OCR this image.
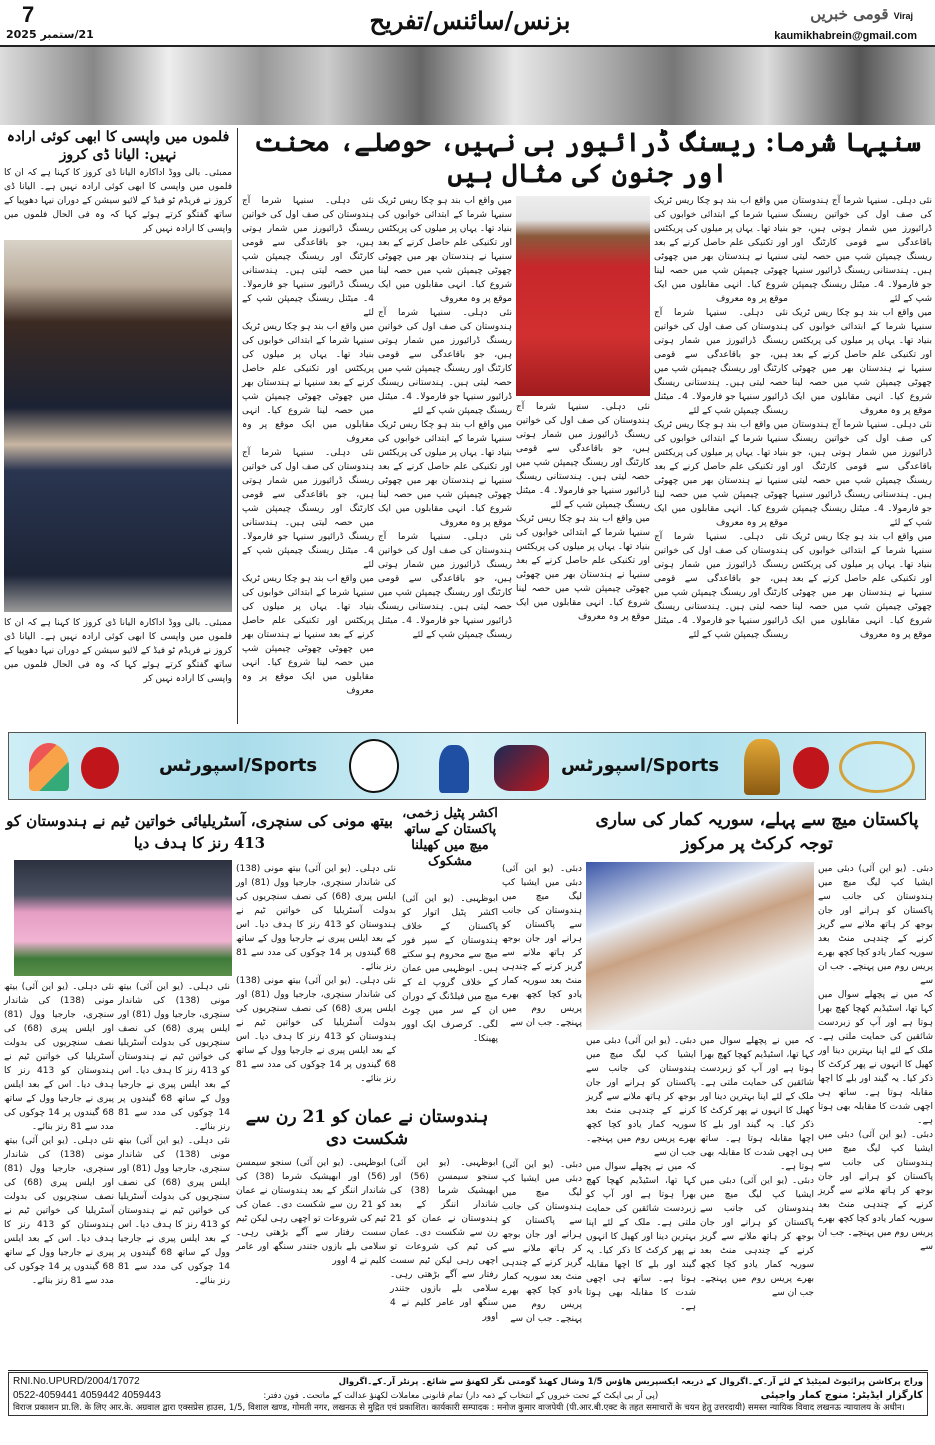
7
21/ستمبر 2025	بزنس/سائنس/تفریح	قومی خبریں Viraj
kaumikhabrein@gmail.com
فلموں میں واپسی کا ابھی کوئی ارادہ نہیں: الیانا ڈی کروز

ممبئی۔ بالی ووڈ اداکارہ الیانا ڈی کروز کا کہنا ہے کہ ان کا فلموں میں واپسی کا ابھی کوئی ارادہ نہیں ہے۔ الیانا ڈی کروز نے فریڈم ٹو فیڈ کے لائیو سیشن کے دوران نیہا دھوپیا کے ساتھ گفتگو کرتے ہوئے کہا کہ وہ فی الحال فلموں میں واپسی کا ارادہ نہیں کر

ممبئی۔ بالی ووڈ اداکارہ الیانا ڈی کروز کا کہنا ہے کہ ان کا فلموں میں واپسی کا ابھی کوئی ارادہ نہیں ہے۔ الیانا ڈی کروز نے فریڈم ٹو فیڈ کے لائیو سیشن کے دوران نیہا دھوپیا کے ساتھ گفتگو کرتے ہوئے کہا کہ وہ فی الحال فلموں میں واپسی کا ارادہ نہیں کر

سنیہا شرما: ریسنگ ڈرائیور ہی نہیں، حوصلے، محنت اور جنون کی مثال ہیں

نئی دہلی۔ سنیہا شرما آج ہندوستان کی صف اول کی خواتین ریسنگ ڈرائیورز میں شمار ہوتی ہیں، جو باقاعدگی سے قومی کارٹنگ اور ریسنگ چیمپئن شپ میں حصہ لیتی ہیں۔ ہندستانی ریسنگ ڈرائیور سنیہا جو فارمولا۔ 4۔ میٹنل ریسنگ چیمپئن شپ کے لئے

میں واقع اب بند ہو چکا ریس ٹریک سنیہا شرما کے ابتدائی خوابوں کی بنیاد تھا۔ یہاں پر میلوں کی پریکٹس اور تکنیکی علم حاصل کرنے کے بعد سنیہا نے ہندستان بھر میں چھوٹی چھوٹی چیمپئن شپ میں حصہ لینا شروع کیا۔ انہی مقابلوں میں ایک موقع پر وہ معروف

نئی دہلی۔ سنیہا شرما آج ہندوستان کی صف اول کی خواتین ریسنگ ڈرائیورز میں شمار ہوتی ہیں، جو باقاعدگی سے قومی کارٹنگ اور ریسنگ چیمپئن شپ میں حصہ لیتی ہیں۔ ہندستانی ریسنگ ڈرائیور سنیہا جو فارمولا۔ 4۔ میٹنل ریسنگ چیمپئن شپ کے لئے

میں واقع اب بند ہو چکا ریس ٹریک سنیہا شرما کے ابتدائی خوابوں کی بنیاد تھا۔ یہاں پر میلوں کی پریکٹس اور تکنیکی علم حاصل کرنے کے بعد سنیہا نے ہندستان بھر میں چھوٹی چھوٹی چیمپئن شپ میں حصہ لینا شروع کیا۔ انہی مقابلوں میں ایک موقع پر وہ معروف

میں واقع اب بند ہو چکا ریس ٹریک سنیہا شرما کے ابتدائی خوابوں کی بنیاد تھا۔ یہاں پر میلوں کی پریکٹس اور تکنیکی علم حاصل کرنے کے بعد سنیہا نے ہندستان بھر میں چھوٹی چھوٹی چیمپئن شپ میں حصہ لینا شروع کیا۔ انہی مقابلوں میں ایک موقع پر وہ معروف

نئی دہلی۔ سنیہا شرما آج ہندوستان کی صف اول کی خواتین ریسنگ ڈرائیورز میں شمار ہوتی ہیں، جو باقاعدگی سے قومی کارٹنگ اور ریسنگ چیمپئن شپ میں حصہ لیتی ہیں۔ ہندستانی ریسنگ ڈرائیور سنیہا جو فارمولا۔ 4۔ میٹنل ریسنگ چیمپئن شپ کے لئے

میں واقع اب بند ہو چکا ریس ٹریک سنیہا شرما کے ابتدائی خوابوں کی بنیاد تھا۔ یہاں پر میلوں کی پریکٹس اور تکنیکی علم حاصل کرنے کے بعد سنیہا نے ہندستان بھر میں چھوٹی چھوٹی چیمپئن شپ میں حصہ لینا شروع کیا۔ انہی مقابلوں میں ایک موقع پر وہ معروف

نئی دہلی۔ سنیہا شرما آج ہندوستان کی صف اول کی خواتین ریسنگ ڈرائیورز میں شمار ہوتی ہیں، جو باقاعدگی سے قومی کارٹنگ اور ریسنگ چیمپئن شپ میں حصہ لیتی ہیں۔ ہندستانی ریسنگ ڈرائیور سنیہا جو فارمولا۔ 4۔ میٹنل ریسنگ چیمپئن شپ کے لئے

نئی دہلی۔ سنیہا شرما آج ہندوستان کی صف اول کی خواتین ریسنگ ڈرائیورز میں شمار ہوتی ہیں، جو باقاعدگی سے قومی کارٹنگ اور ریسنگ چیمپئن شپ میں حصہ لیتی ہیں۔ ہندستانی ریسنگ ڈرائیور سنیہا جو فارمولا۔ 4۔ میٹنل ریسنگ چیمپئن شپ کے لئے

میں واقع اب بند ہو چکا ریس ٹریک سنیہا شرما کے ابتدائی خوابوں کی بنیاد تھا۔ یہاں پر میلوں کی پریکٹس اور تکنیکی علم حاصل کرنے کے بعد سنیہا نے ہندستان بھر میں چھوٹی چھوٹی چیمپئن شپ میں حصہ لینا شروع کیا۔ انہی مقابلوں میں ایک موقع پر وہ معروف

میں واقع اب بند ہو چکا ریس ٹریک سنیہا شرما کے ابتدائی خوابوں کی بنیاد تھا۔ یہاں پر میلوں کی پریکٹس اور تکنیکی علم حاصل کرنے کے بعد سنیہا نے ہندستان بھر میں چھوٹی چھوٹی چیمپئن شپ میں حصہ لینا شروع کیا۔ انہی مقابلوں میں ایک موقع پر وہ معروف

نئی دہلی۔ سنیہا شرما آج ہندوستان کی صف اول کی خواتین ریسنگ ڈرائیورز میں شمار ہوتی ہیں، جو باقاعدگی سے قومی کارٹنگ اور ریسنگ چیمپئن شپ میں حصہ لیتی ہیں۔ ہندستانی ریسنگ ڈرائیور سنیہا جو فارمولا۔ 4۔ میٹنل ریسنگ چیمپئن شپ کے لئے

میں واقع اب بند ہو چکا ریس ٹریک سنیہا شرما کے ابتدائی خوابوں کی بنیاد تھا۔ یہاں پر میلوں کی پریکٹس اور تکنیکی علم حاصل کرنے کے بعد سنیہا نے ہندستان بھر میں چھوٹی چھوٹی چیمپئن شپ میں حصہ لینا شروع کیا۔ انہی مقابلوں میں ایک موقع پر وہ معروف

نئی دہلی۔ سنیہا شرما آج ہندوستان کی صف اول کی خواتین ریسنگ ڈرائیورز میں شمار ہوتی ہیں، جو باقاعدگی سے قومی کارٹنگ اور ریسنگ چیمپئن شپ میں حصہ لیتی ہیں۔ ہندستانی ریسنگ ڈرائیور سنیہا جو فارمولا۔ 4۔ میٹنل ریسنگ چیمپئن شپ کے لئے

نئی دہلی۔ سنیہا شرما آج ہندوستان کی صف اول کی خواتین ریسنگ ڈرائیورز میں شمار ہوتی ہیں، جو باقاعدگی سے قومی کارٹنگ اور ریسنگ چیمپئن شپ میں حصہ لیتی ہیں۔ ہندستانی ریسنگ ڈرائیور سنیہا جو فارمولا۔ 4۔ میٹنل ریسنگ چیمپئن شپ کے لئے

میں واقع اب بند ہو چکا ریس ٹریک سنیہا شرما کے ابتدائی خوابوں کی بنیاد تھا۔ یہاں پر میلوں کی پریکٹس اور تکنیکی علم حاصل کرنے کے بعد سنیہا نے ہندستان بھر میں چھوٹی چھوٹی چیمپئن شپ میں حصہ لینا شروع کیا۔ انہی مقابلوں میں ایک موقع پر وہ معروف

نئی دہلی۔ سنیہا شرما آج ہندوستان کی صف اول کی خواتین ریسنگ ڈرائیورز میں شمار ہوتی ہیں، جو باقاعدگی سے قومی کارٹنگ اور ریسنگ چیمپئن شپ میں حصہ لیتی ہیں۔ ہندستانی ریسنگ ڈرائیور سنیہا جو فارمولا۔ 4۔ میٹنل ریسنگ چیمپئن شپ کے لئے

میں واقع اب بند ہو چکا ریس ٹریک سنیہا شرما کے ابتدائی خوابوں کی بنیاد تھا۔ یہاں پر میلوں کی پریکٹس اور تکنیکی علم حاصل کرنے کے بعد سنیہا نے ہندستان بھر میں چھوٹی چھوٹی چیمپئن شپ میں حصہ لینا شروع کیا۔ انہی مقابلوں میں ایک موقع پر وہ معروف

اسپورٹس/Sports	اسپورٹس/Sports
پاکستان میچ سے پہلے، سوریہ کمار کی ساری توجہ کرکٹ پر مرکوز

دبئی۔ (یو این آئی) دبئی میں ایشیا کپ لیگ میچ میں ہندوستان کی جانب سے پاکستان کو ہرانے اور جان بوجھ کر ہاتھ ملانے سے گریز کرنے کے چندہی منٹ بعد سوریہ کمار یادو کچا کچھ بھرے پریس روم میں پہنچے۔ جب ان سے

کہ میں نے پچھلے سوال میں کہا تھا، اسٹیڈیم کھچا کھچ بھرا ہوتا ہے اور آپ کو زبردست شائقین کی حمایت ملتی ہے۔ ملک کے لئے اپنا بہترین دینا اور کھیل کا انہوں نے پھر کرکٹ کا ذکر کیا۔ یہ گیند اور بلے کا اچھا مقابلہ ہوتا ہے۔ ساتھ ہی اچھی شدت کا مقابلہ بھی ہوتا ہے۔

دبئی۔ (یو این آئی) دبئی میں ایشیا کپ لیگ میچ میں ہندوستان کی جانب سے پاکستان کو ہرانے اور جان بوجھ کر ہاتھ ملانے سے گریز کرنے کے چندہی منٹ بعد سوریہ کمار یادو کچا کچھ بھرے پریس روم میں پہنچے۔ جب ان سے

کہ میں نے پچھلے سوال میں کہا تھا، اسٹیڈیم کھچا کھچ بھرا ہوتا ہے اور آپ کو زبردست شائقین کی حمایت ملتی ہے۔ ملک کے لئے اپنا بہترین دینا اور کھیل کا انہوں نے پھر کرکٹ کا ذکر کیا۔ یہ گیند اور بلے کا اچھا مقابلہ ہوتا ہے۔ ساتھ ہی اچھی شدت کا مقابلہ بھی ہوتا ہے۔

دبئی۔ (یو این آئی) دبئی میں ایشیا کپ لیگ میچ میں ہندوستان کی جانب سے پاکستان کو ہرانے اور جان بوجھ کر ہاتھ ملانے سے گریز کرنے کے چندہی منٹ بعد سوریہ کمار یادو کچا کچھ بھرے پریس روم میں پہنچے۔ جب ان سے

دبئی۔ (یو این آئی) دبئی میں ایشیا کپ لیگ میچ میں ہندوستان کی جانب سے پاکستان کو ہرانے اور جان بوجھ کر ہاتھ ملانے سے گریز کرنے کے چندہی منٹ بعد سوریہ کمار یادو کچا کچھ بھرے پریس روم میں پہنچے۔ جب ان سے

کہ میں نے پچھلے سوال میں کہا تھا، اسٹیڈیم کھچا کھچ بھرا ہوتا ہے اور آپ کو زبردست شائقین کی حمایت ملتی ہے۔ ملک کے لئے اپنا بہترین دینا اور کھیل کا انہوں نے پھر کرکٹ کا ذکر کیا۔ یہ گیند اور بلے کا اچھا مقابلہ ہوتا ہے۔ ساتھ ہی اچھی شدت کا مقابلہ بھی ہوتا ہے۔

دبئی۔ (یو این آئی) دبئی میں ایشیا کپ لیگ میچ میں ہندوستان کی جانب سے پاکستان کو ہرانے اور جان بوجھ کر ہاتھ ملانے سے گریز کرنے کے چندہی منٹ بعد سوریہ کمار یادو کچا کچھ بھرے پریس روم میں پہنچے۔ جب ان سے

دبئی۔ (یو این آئی) دبئی میں ایشیا کپ لیگ میچ میں ہندوستان کی جانب سے پاکستان کو ہرانے اور جان بوجھ کر ہاتھ ملانے سے گریز کرنے کے چندہی منٹ بعد سوریہ کمار یادو کچا کچھ بھرے پریس روم میں پہنچے۔ جب ان سے

اکشر پٹیل زخمی، پاکستان کے ساتھ میچ میں کھیلنا مشکوک

ابوظہبی۔ (یو این آئی) اکشر پٹیل اتوار کو پاکستان کے خلاف ہندوستان کے سپر فور میچ سے محروم ہو سکتے ہیں۔ ابوظہبی میں عمان کے خلاف گروپ اے کے میچ میں فیلڈنگ کے دوران ان کے سر میں چوٹ لگی۔ کرصرف ایک اوور پھینکا۔

بیتھ مونی کی سنچری، آسٹریلیائی خواتین ٹیم نے ہندوستان کو 413 رنز کا ہدف دیا

نئی دہلی۔ (یو این آئی) بیتھ مونی (138) کی شاندار سنچری، جارجیا وول (81) اور ایلس پیری (68) کی نصف سنچریوں کی بدولت آسٹریلیا کی خواتین ٹیم نے ہندوستان کو 413 رنز کا ہدف دیا۔ اس کے بعد ایلس پیری نے جارجیا وول کے ساتھ 68 گیندوں پر 14 چوکوں کی مدد سے 81 رنز بنائے۔

نئی دہلی۔ (یو این آئی) بیتھ مونی (138) کی شاندار سنچری، جارجیا وول (81) اور ایلس پیری (68) کی نصف سنچریوں کی بدولت آسٹریلیا کی خواتین ٹیم نے ہندوستان کو 413 رنز کا ہدف دیا۔ اس کے بعد ایلس پیری نے جارجیا وول کے ساتھ 68 گیندوں پر 14 چوکوں کی مدد سے 81 رنز بنائے۔

نئی دہلی۔ (یو این آئی) بیتھ مونی (138) کی شاندار سنچری، جارجیا وول (81) اور ایلس پیری (68) کی نصف سنچریوں کی بدولت آسٹریلیا کی خواتین ٹیم نے ہندوستان کو 413 رنز کا ہدف دیا۔ اس کے بعد ایلس پیری نے جارجیا وول کے ساتھ 68 گیندوں پر 14 چوکوں کی مدد سے 81 رنز بنائے۔

نئی دہلی۔ (یو این آئی) بیتھ مونی (138) کی شاندار سنچری، جارجیا وول (81) اور ایلس پیری (68) کی نصف سنچریوں کی بدولت آسٹریلیا کی خواتین ٹیم نے ہندوستان کو 413 رنز کا ہدف دیا۔ اس کے بعد ایلس پیری نے جارجیا وول کے ساتھ 68 گیندوں پر 14 چوکوں کی مدد سے 81 رنز بنائے۔

نئی دہلی۔ (یو این آئی) بیتھ مونی (138) کی شاندار سنچری، جارجیا وول (81) اور ایلس پیری (68) کی نصف سنچریوں کی بدولت آسٹریلیا کی خواتین ٹیم نے ہندوستان کو 413 رنز کا ہدف دیا۔ اس کے بعد ایلس پیری نے جارجیا وول کے ساتھ 68 گیندوں پر 14 چوکوں کی مدد سے 81 رنز بنائے۔

نئی دہلی۔ (یو این آئی) بیتھ مونی (138) کی شاندار سنچری، جارجیا وول (81) اور ایلس پیری (68) کی نصف سنچریوں کی بدولت آسٹریلیا کی خواتین ٹیم نے ہندوستان کو 413 رنز کا ہدف دیا۔ اس کے بعد ایلس پیری نے جارجیا وول کے ساتھ 68 گیندوں پر 14 چوکوں کی مدد سے 81 رنز بنائے۔

ہندوستان نے عمان کو 21 رن سے شکست دی

ابوظہبی۔ (یو این آئی) سنجو سیمسن (56) اور ابھیشیک شرما (38) کی شاندار اننگز کے بعد ہندوستان نے عمان کو 21 رن سے شکست دی۔ عمان کی ٹیم کی شروعات تو اچھی رہی لیکن ٹیم سست رفتار سے آگے بڑھتی رہی۔ سلامی بلے بازوں جتندر سنگھ اور عامر کلیم نے 4 اوور

ابوظہبی۔ (یو این آئی) سنجو سیمسن (56) اور ابھیشیک شرما (38) کی شاندار اننگز کے بعد ہندوستان نے عمان کو 21 رن سے شکست دی۔ عمان کی ٹیم کی شروعات تو اچھی رہی لیکن ٹیم سست رفتار سے آگے بڑھتی رہی۔ سلامی بلے بازوں جتندر سنگھ اور عامر کلیم نے 4 اوور

RNI.No.UPURD/2004/17072	وراج پرکاشن پرائیوٹ لمیٹیڈ کے لئے آر۔کے۔اگروال کے ذریعہ ایکسپریس ھاؤس 1/5 وشال کھنڈ گومتی نگر لکھنؤ سے شائع۔ پرنٹر آر۔کے۔اگروال
0522-4059441 4059442 4059443	(پی آر بی ایکٹ کے تحت خبروں کے انتخاب کے ذمہ دار) تمام قانونی معاملات لکھنؤ عدالت کے ماتحت۔ فون دفتر:	کارگزار ایڈیٹر: منوج کمار واجپئی
विराज प्रकाशन प्रा.लि. के लिए आर.के. अग्रवाल द्वारा एक्सप्रेस हाउस, 1/5, विशाल खण्ड, गोमती नगर, लखनऊ से मुद्रित एवं प्रकाशित। कार्यकारी सम्पादक : मनोज कुमार वाजपेयी (पी.आर.बी.एक्ट के तहत समाचारों के चयन हेतु उत्तरदायी) समस्त न्यायिक विवाद लखनऊ न्यायालय के अधीन।
